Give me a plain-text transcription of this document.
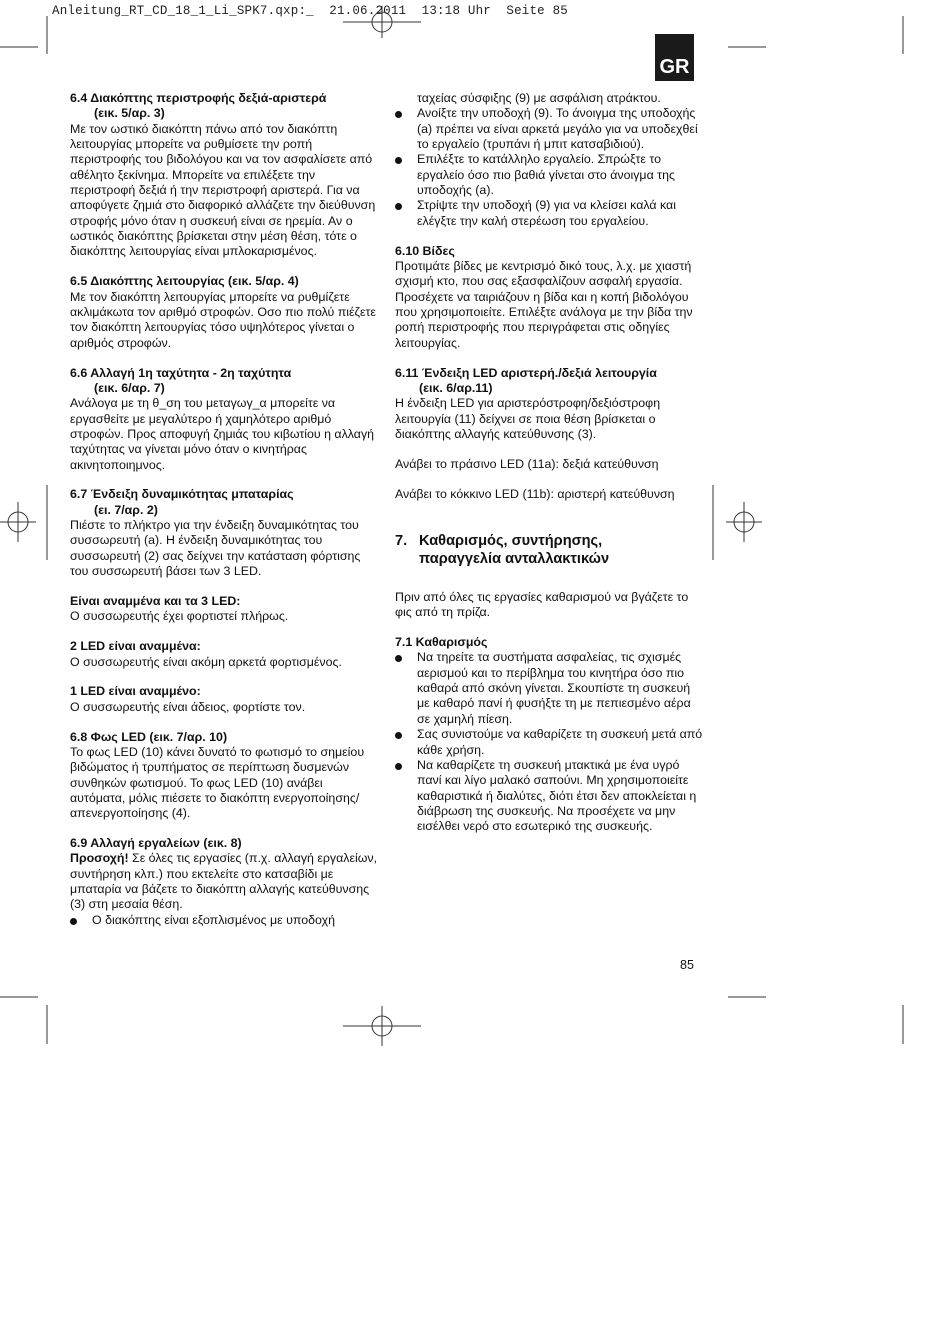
Anleitung_RT_CD_18_1_Li_SPK7.qxp:_  21.06.2011  13:18 Uhr  Seite 85
GR
6.4 Διακόπτης περιστροφής δεξιά-αριστερά
(εικ. 5/αρ. 3)
Με τον ωστικό διακόπτη πάνω από τον διακόπτη λειτουργίας μπορείτε να ρυθμίσετε την ροπή περιστροφής του βιδολόγου και να τον ασφαλίσετε από αθέλητο ξεκίνημα. Μπορείτε να επιλέξετε την περιστροφή δεξιά ή την περιστροφή αριστερά. Για να αποφύγετε ζημιά στο διαφορικό αλλάζετε την διεύθυνση στροφής μόνο όταν η συσκευή είναι σε ηρεμία. Αν ο ωστικός διακόπτης βρίσκεται στην μέση θέση, τότε ο διακόπτης λειτουργίας είναι μπλοκαρισμένος.
6.5 Διακόπτης λειτουργίας (εικ. 5/αρ. 4)
Με τον διακόπτη λειτουργίας μπορείτε να ρυθμίζετε ακλιμάκωτα τον αριθμό στροφών. Οσο πιο πολύ πιέζετε τον διακόπτη λειτουργίας τόσο υψηλότερος γίνεται ο αριθμός στροφών.
6.6 Αλλαγή 1η ταχύτητα - 2η ταχύτητα
(εικ. 6/αρ. 7)
Ανάλογα με τη θ_ση του μεταγωγ_α μπορείτε να εργασθείτε με μεγαλύτερο ή χαμηλότερο αριθμό στροφών. Προς αποφυγή ζημιάς του κιβωτίου η αλλαγή ταχύτητας να γίνεται μόνο όταν ο κινητήρας ακινητοποιημνος.
6.7 Ένδειξη δυναμικότητας μπαταρίας
(ει. 7/αρ. 2)
Πιέστε το πλήκτρο για την ένδειξη δυναμικότητας του συσσωρευτή (a). Η ένδειξη δυναμικότητας του συσσωρευτή (2) σας δείχνει την κατάσταση φόρτισης του συσσωρευτή βάσει των 3 LED.
Είναι αναμμένα και τα 3 LED:
Ο συσσωρευτής έχει φορτιστεί πλήρως.
2 LED είναι αναμμένα:
Ο συσσωρευτής είναι ακόμη αρκετά φορτισμένος.
1 LED είναι αναμμένο:
Ο συσσωρευτής είναι άδειος, φορτίστε τον.
6.8 Φως LED (εικ. 7/αρ. 10)
Το φως LED (10) κάνει δυνατό το φωτισμό το σημείου βιδώματος ή τρυπήματος σε περίπτωση δυσμενών συνθηκών φωτισμού. Το φως LED (10) ανάβει αυτόματα, μόλις πιέσετε το διακόπτη ενεργοποίησης/απενεργοποίησης (4).
6.9 Αλλαγή εργαλείων (εικ. 8)
Προσοχή! Σε όλες τις εργασίες (π.χ. αλλαγή εργαλείων, συντήρηση κλπ.) που εκτελείτε στο κατσαβίδι με μπαταρία να βάζετε το διακόπτη αλλαγής κατεύθυνσης (3) στη μεσαία θέση.
Ο διακόπτης είναι εξοπλισμένος με υποδοχή
ταχείας σύσφιξης (9) με ασφάλιση ατράκτου.
Ανοίξτε την υποδοχή (9). Το άνοιγμα της υποδοχής (a) πρέπει να είναι αρκετά μεγάλο για να υποδεχθεί το εργαλείο (τρυπάνι ή μπιτ κατσαβιδιού).
Επιλέξτε το κατάλληλο εργαλείο. Σπρώξτε το εργαλείο όσο πιο βαθιά γίνεται στο άνοιγμα της υποδοχής (a).
Στρίψτε την υποδοχή (9) για να κλείσει καλά και ελέγξτε την καλή στερέωση του εργαλείου.
6.10 Βίδες
Προτιμάτε βίδες με κεντρισμό δικό τους, λ.χ. με χιαστή σχισμή κτο, που σας εξασφαλίζουν ασφαλή εργασία. Προσέχετε να ταιριάζουν η βίδα και η κοπή βιδολόγου που χρησιμοποιείτε. Επιλέξτε ανάλογα με την βίδα την ροπή περιστροφής που περιγράφεται στις οδηγίες λειτουργίας.
6.11 Ένδειξη LED αριστερή./δεξιά λειτουργία
(εικ. 6/αρ.11)
Η ένδειξη LED για αριστερόστροφη/δεξιόστροφη λειτουργία (11) δείχνει σε ποια θέση βρίσκεται ο διακόπτης αλλαγής κατεύθυνσης (3).
Ανάβει το πράσινο LED (11a): δεξιά κατεύθυνση
Ανάβει το κόκκινο LED (11b): αριστερή κατεύθυνση
7. Καθαρισμός, συντήρησης,
παραγγελία ανταλλακτικών
Πριν από όλες τις εργασίες καθαρισμού να βγάζετε το φις από τη πρίζα.
7.1 Καθαρισμός
Να τηρείτε τα συστήματα ασφαλείας, τις σχισμές αερισμού και το περίβλημα του κινητήρα όσο πιο καθαρά από σκόνη γίνεται. Σκουπίστε τη συσκευή με καθαρό πανί ή φυσήξτε τη με πεπιεσμένο αέρα σε χαμηλή πίεση.
Σας συνιστούμε να καθαρίζετε τη συσκευή μετά από κάθε χρήση.
Να καθαρίζετε τη συσκευή μτακτικά με ένα υγρό πανί και λίγο μαλακό σαπούνι. Μη χρησιμοποιείτε καθαριστικά ή διαλύτες, διότι έτσι δεν αποκλείεται η διάβρωση της συσκευής. Να προσέχετε να μην εισέλθει νερό στο εσωτερικό της συσκευής.
85
